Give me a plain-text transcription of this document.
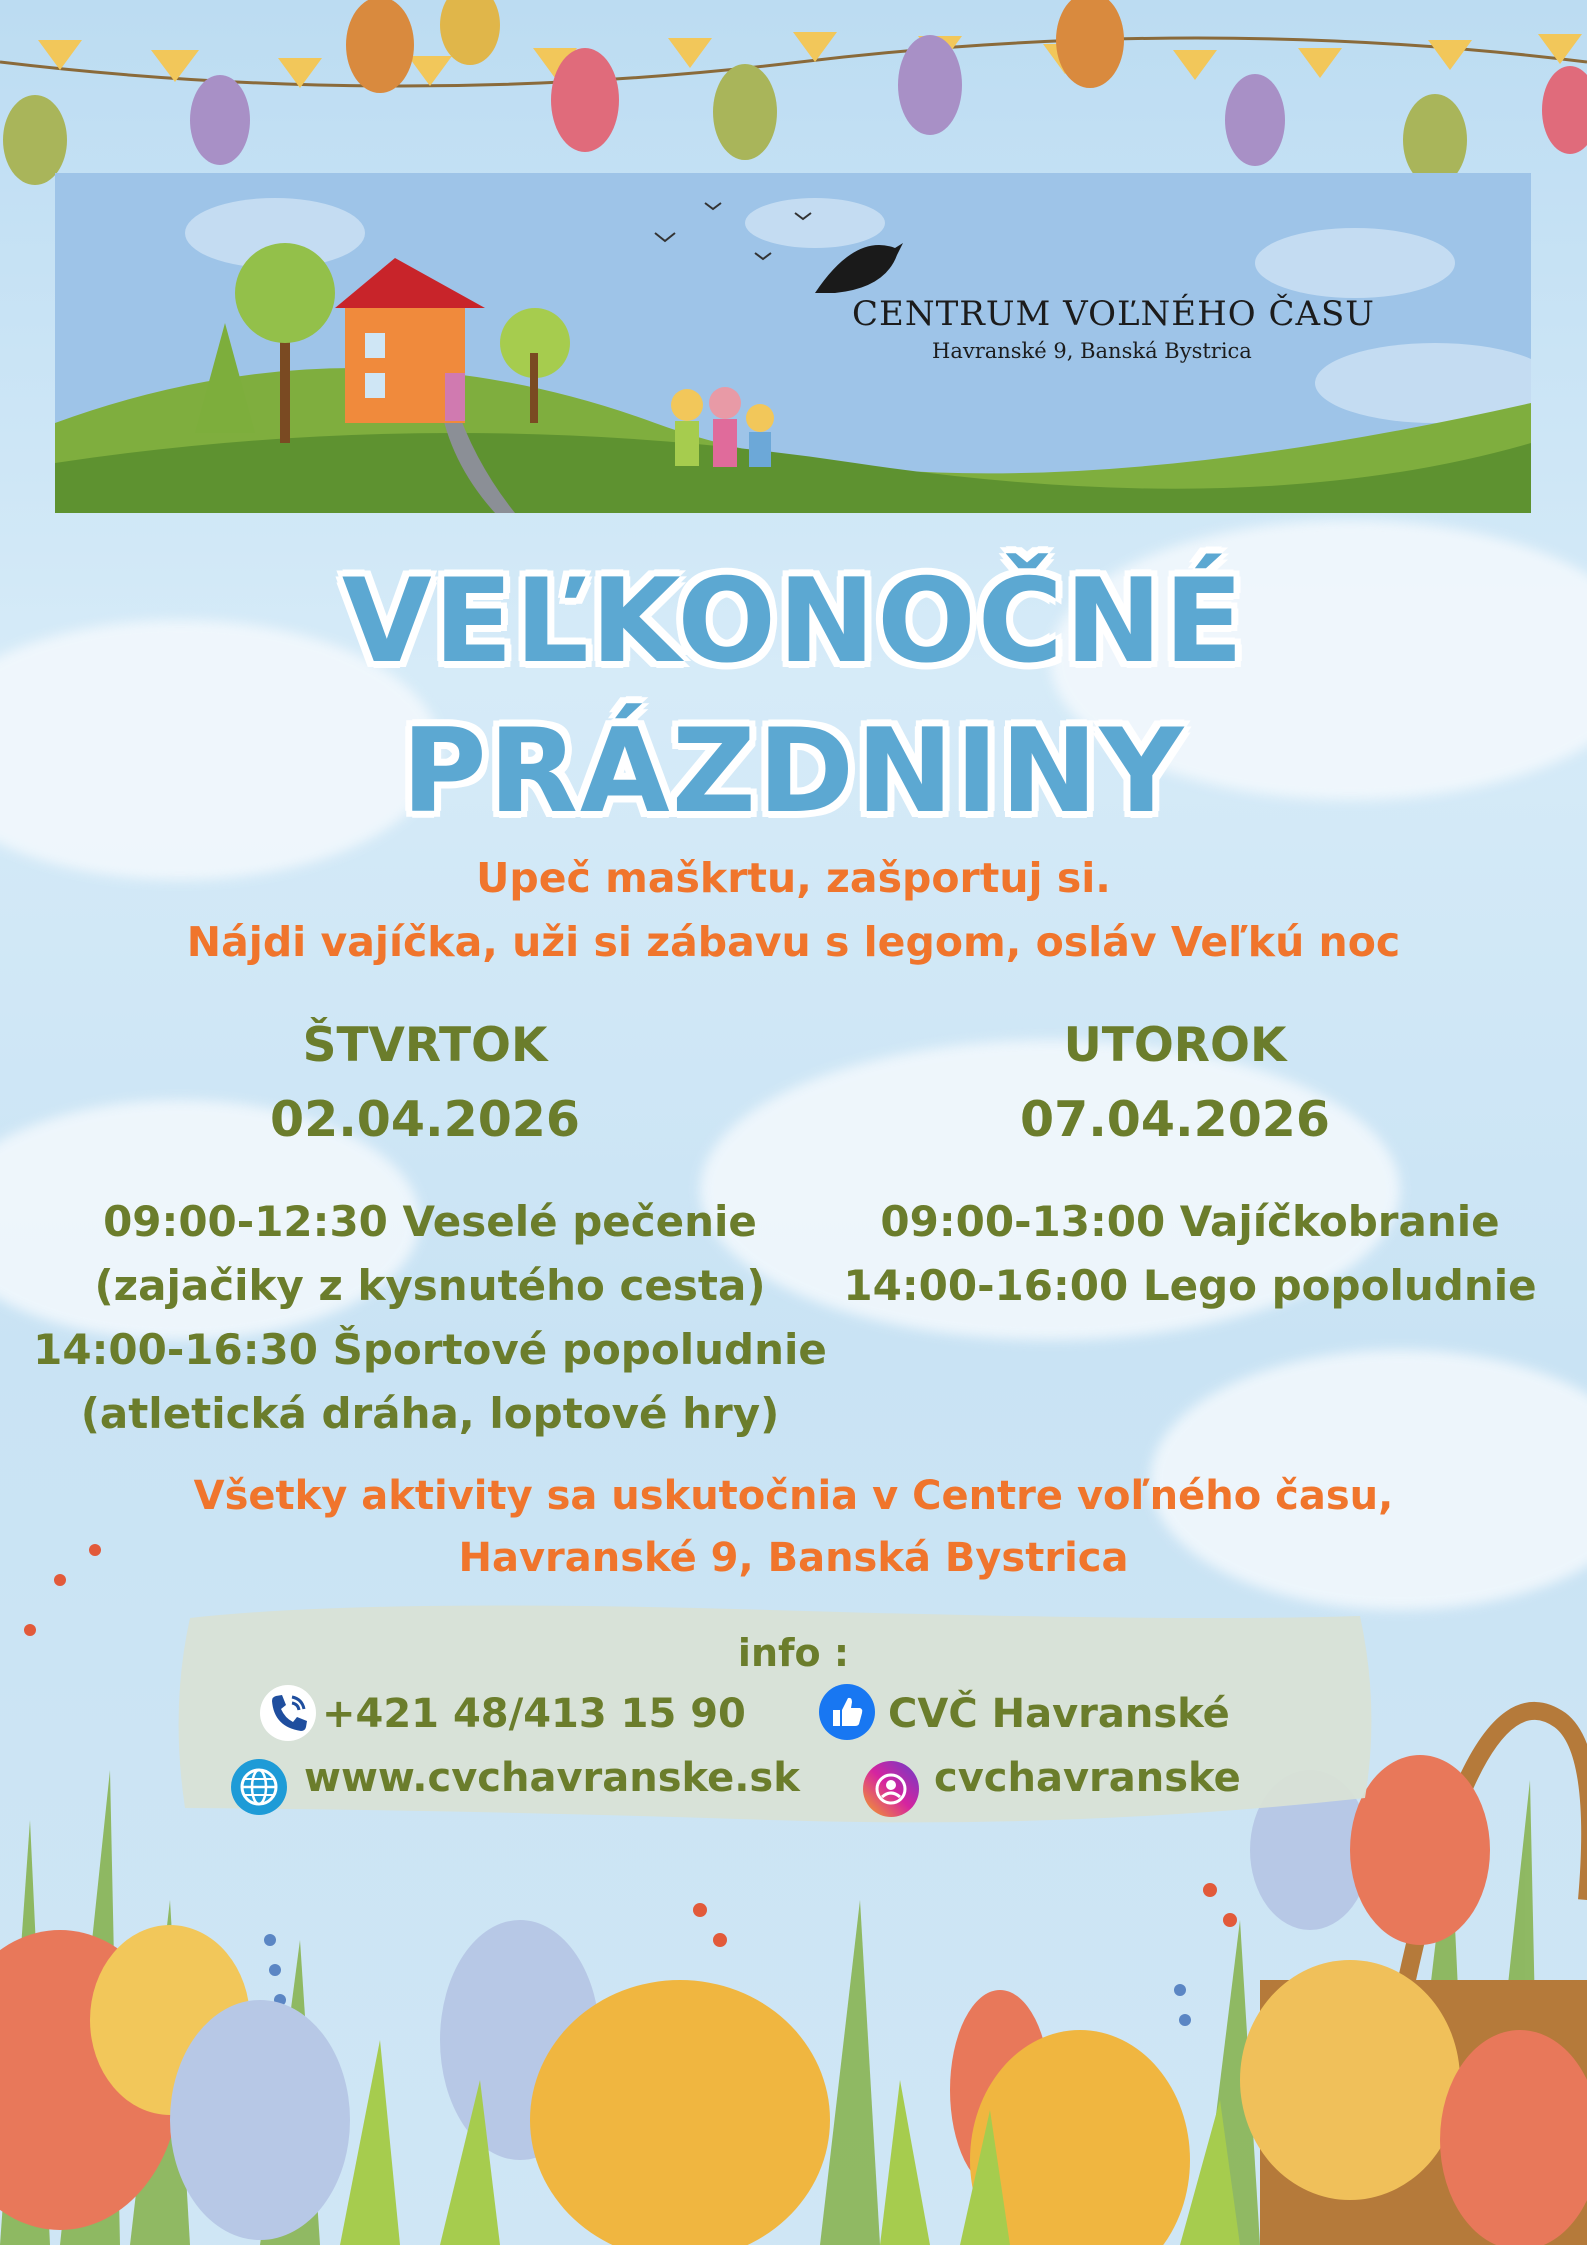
CENTRUM VOĽNÉHO ČASU
Havranské 9, Banská Bystrica
VEĽKONOČNÉ
PRÁZDNINY
Upeč maškrtu, zašportuj si.
Nájdi vajíčka, uži si zábavu s legom, osláv Veľkú noc
ŠTVRTOK
02.04.2026
UTOROK
07.04.2026
09:00-12:30 Veselé pečenie
(zajačiky z kysnutého cesta)
14:00-16:30 Športové popoludnie
(atletická dráha, loptové hry)
09:00-13:00 Vajíčkobranie
14:00-16:00 Lego popoludnie
Všetky aktivity sa uskutočnia v Centre voľného času,
Havranské 9, Banská Bystrica
info :
+421 48/413 15 90	CVČ Havranské
www.cvchavranske.sk	cvchavranske
